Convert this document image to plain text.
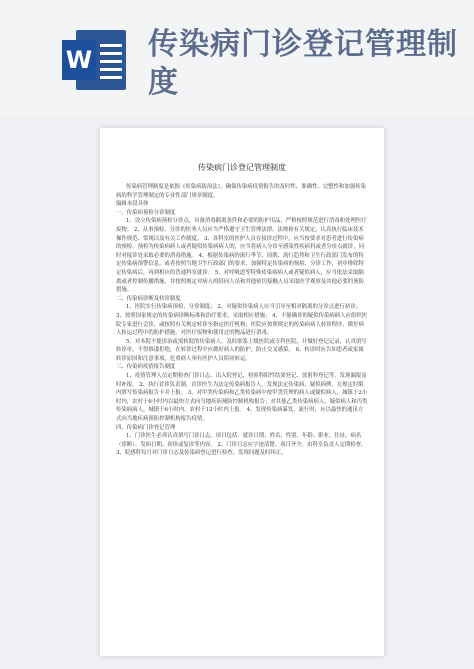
W 传染病门诊登记管理制度
传染病门诊登记管理制度

传染病管理制度是依据《传染病防治法》，确保传染病疫情报告的及时性、准确性、完整性和加强传染病的科学管理制定的专业性部门规章制度。

编辑本段具体

一、传染病预检分诊制度

1、设立传染病预检分诊点，具备消毒隔离条件和必要的防护用品，严格按照规范进行消毒和处理医疗废物。 2、从事预检、分诊的医务人员应当严格遵守卫生管理法律、法规和有关规定，认真执行临床技术操作规范、常规以及有关工作制度。 3、各科室的医护人员在接诊过程中，应当按要求对患者进行传染病的预检。预检为传染病病人或者疑似传染病病人的，应当将病人分诊至感染性疾病科或者分诊点就诊，同时对接诊处采取必要的消毒措施。 4、根据传染病的流行季节、周期、流行趋势和卫生行政部门发布的特定传染病预警信息，或者按照当地卫生行政部门的要求，加强特定传染病的预检、分诊工作，初步排除特定传染病后，再到相应的普通科室就诊。 5、对呼吸道等特殊传染病病人或者疑似病人，应当依法采取隔离或者控制传播措施，并按照规定对病人的陪同人员和其他密切接触人员采取医学观察及其他必要的预防措施。

二、传染病诊断及转诊制度

1、医院实行传染病预检、分诊制度； 2、对疑似传染病人应当引导至相对隔离的分诊点进行初诊； 3、按照国家规定的传染病诊断标准和治疗要求，采取相应措施； 4、不能确诊的疑似传染病病人应组织医院专家进行会诊，或按照有关规定转诊至指定医疗机构；医院应按照规定的传染病病人转诊程序，做好病人转运过程中的防护措施，对医疗废物和使用过的物品进行消毒。

5、对本院不能诊治或需转院的传染病人，及时联系上级医院或专科医院，并做好登记记录，认真填写转诊单，不得推诿拒绝，在转诊过程中应做好病人的防护，防止交叉感染。 6、转诊时应告知患者或家属转诊原因和注意事项，危重病人须有医护人员陪同转运。

三、传染病疫情报告制度

1、疫情管理人员定期检查门诊日志、出入院登记、检验科阳性结果登记、放射科登记等，发现漏报及时补报。 2、执行首诊负责制，首诊医生为法定传染病报告人，发现法定传染病、疑似病例，在规定时限内填写传染病报告卡并上报。 3、对甲类传染病和乙类传染病中按甲类管理的病人或疑似病人，城镇于2小时内，农村于6小时内以最快方式向当地疾病预防控制机构报告；对其他乙类传染病病人、疑似病人和丙类传染病病人，城镇于6小时内，农村于12小时内上报。 4、发现传染病暴发、流行时，应以最快的通讯方式向当地疾病预防控制机构报告疫情。

四、传染病门诊登记管理

1、门诊医生必须认真填写门诊日志，项目包括：就诊日期、姓名、性别、年龄、职业、住址、病名（诊断）、发病日期、初诊或复诊等内容。 2、门诊日志应字迹清楚、项目齐全，由科室负责人定期检查。 3、院感科每月对门诊日志及传染病登记进行检查，发现问题及时纠正。
